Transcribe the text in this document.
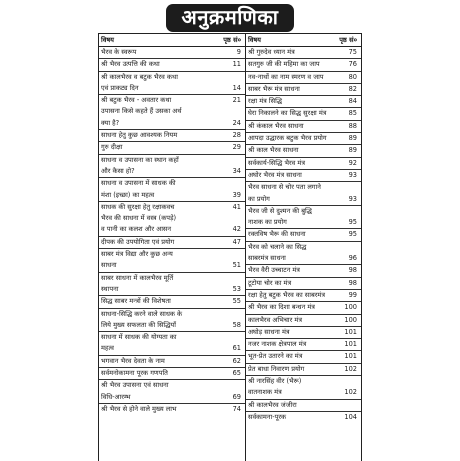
अनुक्रमणिका
विषय	पृष्ठ सं०
भैरव के स्वरूप	9
श्री भैरव उत्पत्ति की कथा	11
श्री कालभैरव व बटुक भैरव कथा
एवं प्राकट्य दिन	14
श्री बटुक भैरव - अवतार कथा	21
उपासना किसे कहते हैं उसका अर्थ
क्या है?	24
साधना हेतु कुछ आवश्यक नियम	28
गुरु दीक्षा	29
साधना व उपासना का स्थान कहाँ
और कैसा हो?	34
साधना व उपासना में साधक की
मंशा (इच्छा) का महत्व	39
साधक की सुरक्षा हेतु रक्षाकवच	41
भैरव की साधना में वस्त्र (कपड़े)
व पानी का कलश और आसन	42
दीपक की उपयोगिता एवं प्रयोग	47
साबर मंत्र विद्या और कुछ अन्य
साधना	51
साबर साधना में कालभैरव मूर्ति
स्थापना	53
सिद्ध साबर मन्त्रों की विशेषता	55
साधना-सिद्धि करने वाले साधक के
लिये मुख्य सफलता की सिद्धियाँ	58
साधना में साधक की योग्यता का
महत्व	61
भगवान भैरव देवता के नाम	62
सर्वमनोकामना पूरक गणपति	65
श्री भैरव उपासना एवं साधना
विधि-आरम्भ	69
श्री भैरव से होने वाले मुख्य लाभ	74
विषय	पृष्ठ सं०
श्री गुरुदेव ध्यान मंत्र	75
सतगुरु जी की महिमा का जाप	76
नव-नाथों का नाम स्मरण व जाप	80
साबर भैरू मंत्र साधना	82
रक्षा मंत्र सिद्धि	84
घेरा निकालने का सिद्ध सुरक्षा मंत्र	85
श्री कंकाल भैरव साधना	88
आपदा उद्धारक बटुक भैरव प्रयोग	89
श्री काल भैरव साधना	89
सर्वकार्य-सिद्धि भैरव मंत्र	92
अघोर भैरव मंत्र साधना	93
भैरव साधना से चोर पता लगाने
का प्रयोग	93
भैरव जी से दुश्मन की बुद्धि
नाशक का प्रयोग	95
रक्तविष भैरू की साधना	95
भैरव को चलाने का सिद्ध
साबरमंत्र साधना	96
भैरव वैरी उच्चाटन मंत्र	98
टूटोया चोर का मंत्र	98
रक्षा हेतु बटुक भैरव का साबरमंत्र	99
श्री भैरव का दिशा बन्धन मंत्र	100
कालभैरव अभिचार मंत्र	100
अघोड़ साधना मंत्र	101
नजर नाशक क्षेत्रपाल मंत्र	101
भूत-प्रेत उतारने का मंत्र	101
प्रेत बाधा निवारण प्रयोग	102
श्री नारसिंह वीर (भैरू)
वातनाशक मंत्र	102
श्री कालभैरव जंजीरा
सर्वकामना-पूरक	104
